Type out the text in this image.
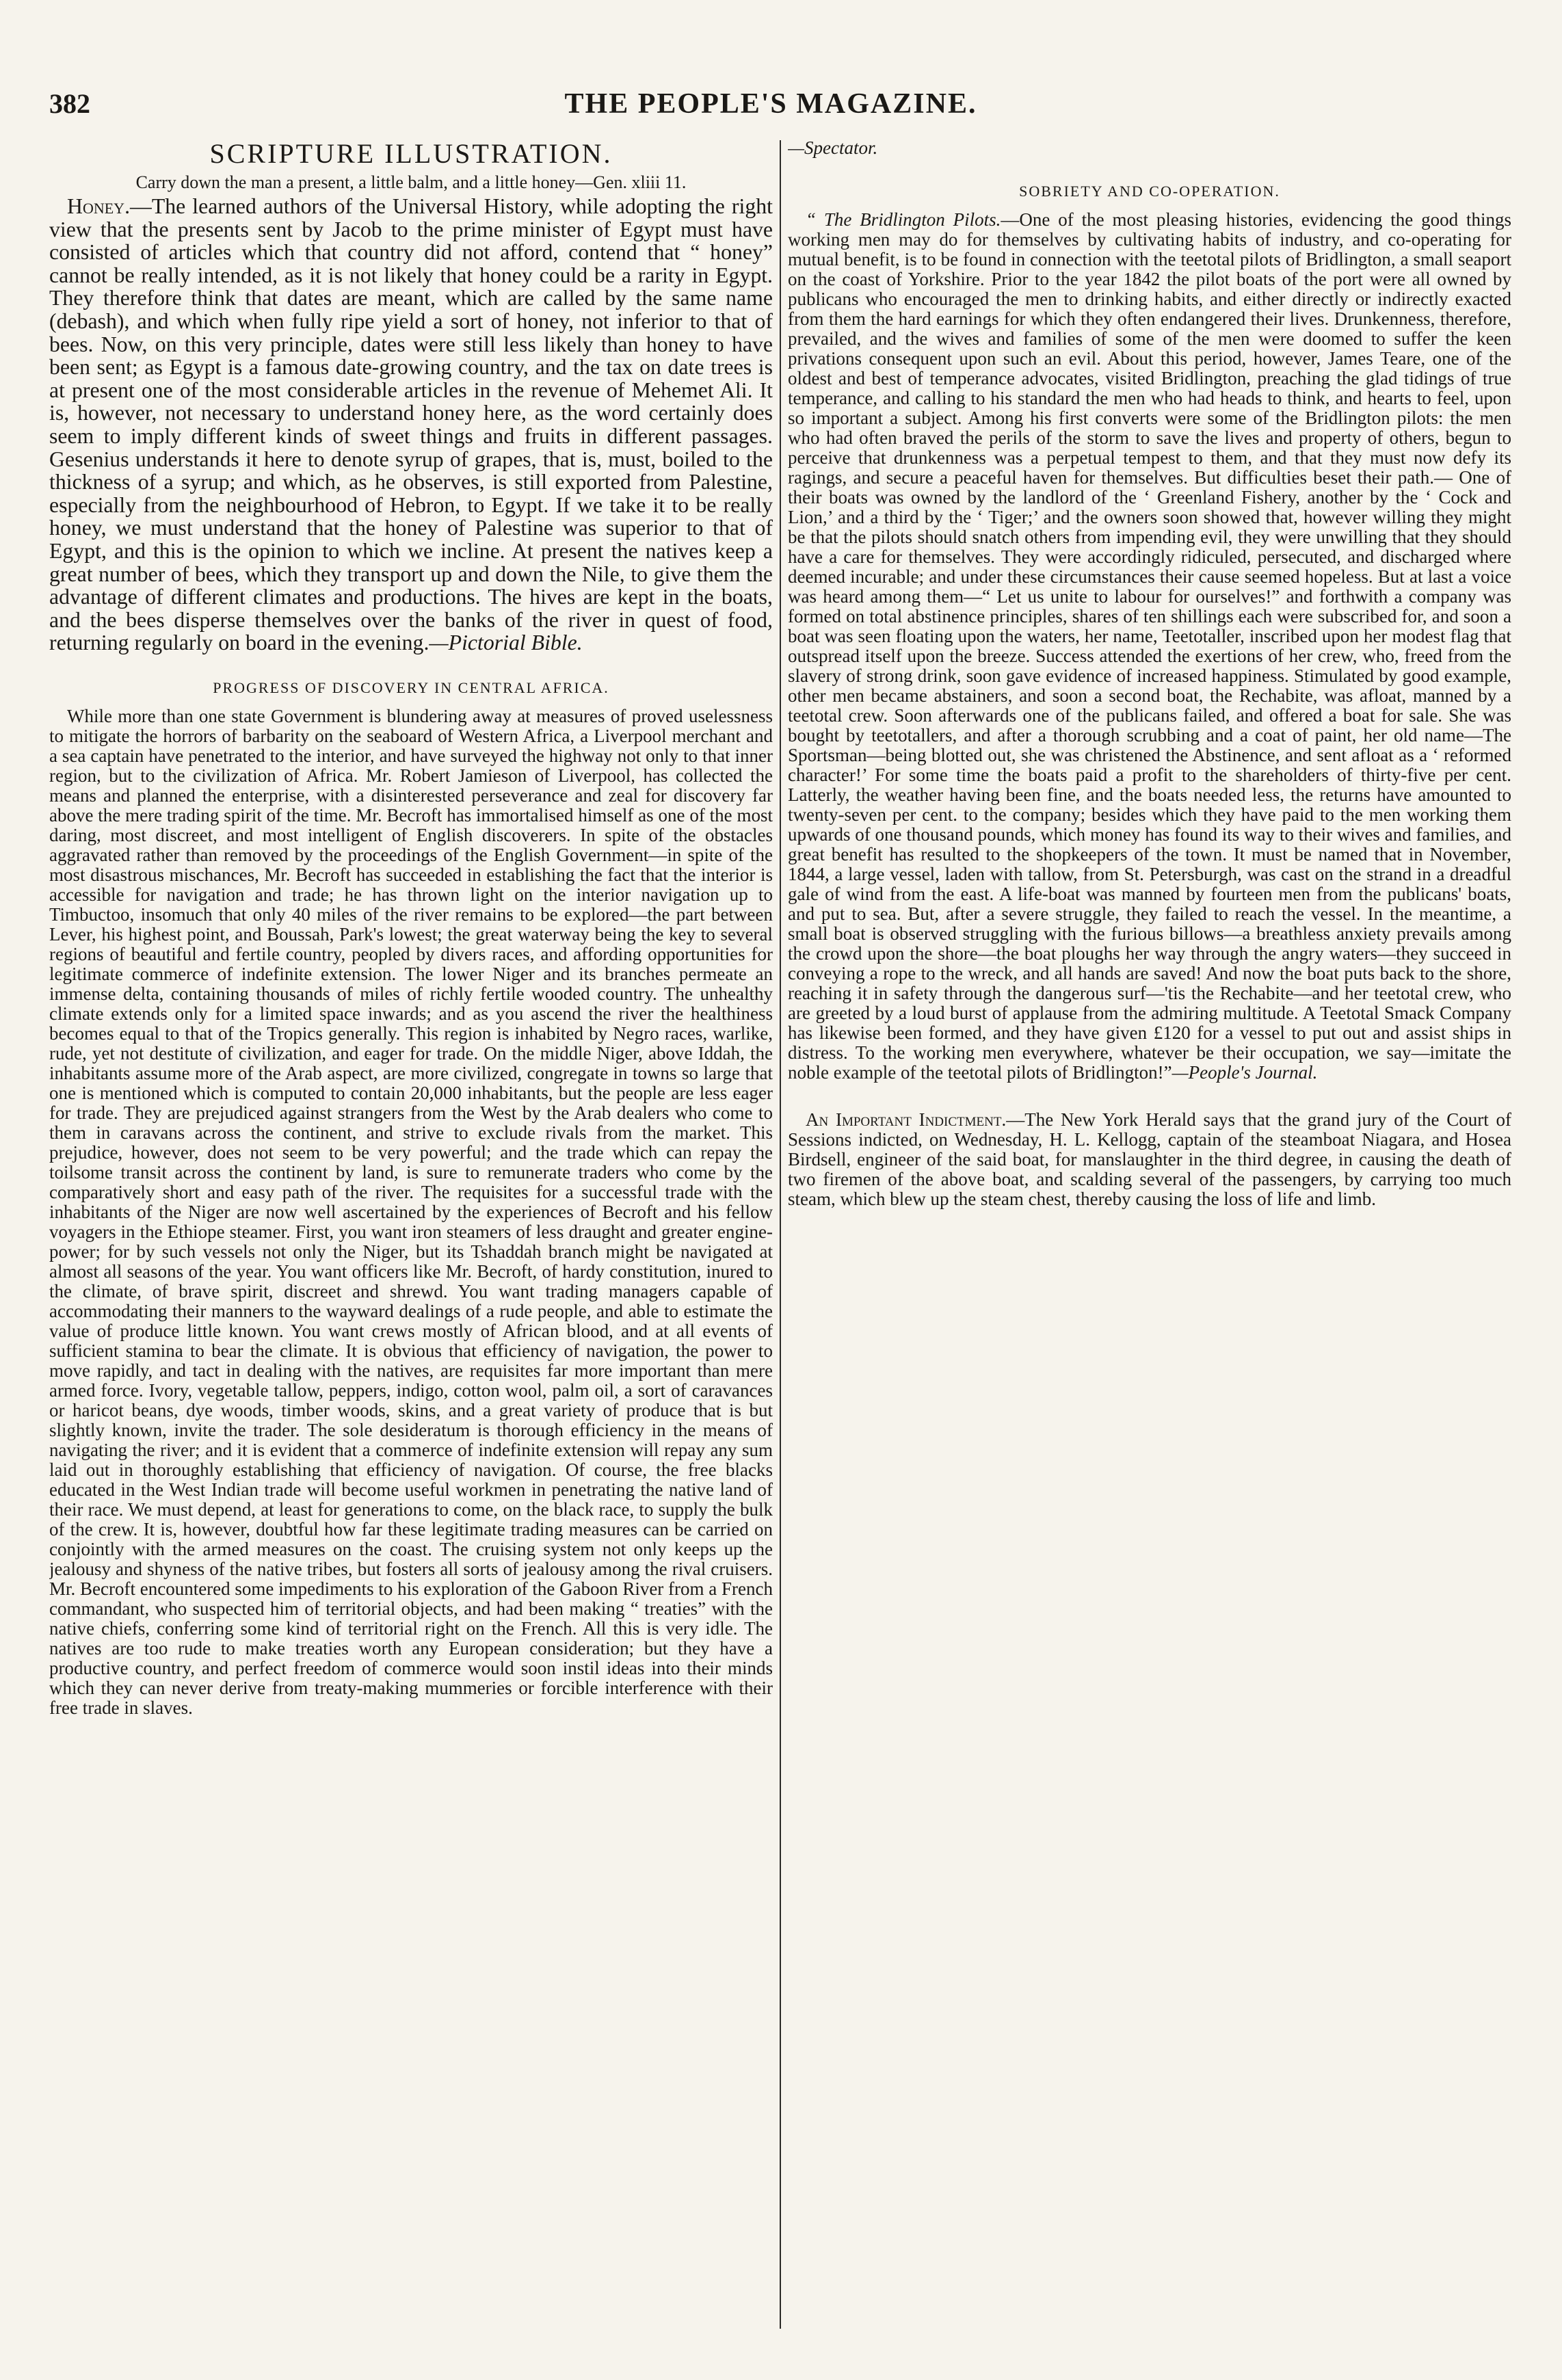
382	THE PEOPLE'S MAGAZINE.
SCRIPTURE ILLUSTRATION.
Carry down the man a present, a little balm, and a little honey—Gen. xliii 11.

Honey.—The learned authors of the Universal History, while adopting the right view that the presents sent by Jacob to the prime minister of Egypt must have consisted of articles which that country did not afford, contend that “ honey” cannot be really intended, as it is not likely that honey could be a rarity in Egypt. They therefore think that dates are meant, which are called by the same name (debash), and which when fully ripe yield a sort of honey, not inferior to that of bees. Now, on this very principle, dates were still less likely than honey to have been sent; as Egypt is a famous date-growing country, and the tax on date trees is at present one of the most considerable articles in the revenue of Mehemet Ali. It is, however, not necessary to understand honey here, as the word certainly does seem to imply different kinds of sweet things and fruits in different passages. Gesenius understands it here to denote syrup of grapes, that is, must, boiled to the thickness of a syrup; and which, as he observes, is still exported from Palestine, especially from the neighbourhood of Hebron, to Egypt. If we take it to be really honey, we must understand that the honey of Palestine was superior to that of Egypt, and this is the opinion to which we incline. At present the natives keep a great number of bees, which they transport up and down the Nile, to give them the advantage of different climates and productions. The hives are kept in the boats, and the bees disperse themselves over the banks of the river in quest of food, returning regularly on board in the evening.—Pictorial Bible.

PROGRESS OF DISCOVERY IN CENTRAL AFRICA.

While more than one state Government is blundering away at measures of proved uselessness to mitigate the horrors of barbarity on the seaboard of Western Africa, a Liverpool merchant and a sea captain have penetrated to the interior, and have surveyed the highway not only to that inner region, but to the civilization of Africa. Mr. Robert Jamieson of Liverpool, has collected the means and planned the enterprise, with a disinterested perseverance and zeal for discovery far above the mere trading spirit of the time. Mr. Becroft has immortalised himself as one of the most daring, most discreet, and most intelligent of English discoverers. In spite of the obstacles aggravated rather than removed by the proceedings of the English Government—in spite of the most disastrous mischances, Mr. Becroft has succeeded in establishing the fact that the interior is accessible for navigation and trade; he has thrown light on the interior navigation up to Timbuctoo, insomuch that only 40 miles of the river remains to be explored—the part between Lever, his highest point, and Boussah, Park's lowest; the great waterway being the key to several regions of beautiful and fertile country, peopled by divers races, and affording opportunities for legitimate commerce of indefinite extension. The lower Niger and its branches permeate an immense delta, containing thousands of miles of richly fertile wooded country. The unhealthy climate extends only for a limited space inwards; and as you ascend the river the healthiness becomes equal to that of the Tropics generally. This region is inhabited by Negro races, warlike, rude, yet not destitute of civilization, and eager for trade. On the middle Niger, above Iddah, the inhabitants assume more of the Arab aspect, are more civilized, congregate in towns so large that one is mentioned which is computed to contain 20,000 inhabitants, but the people are less eager for trade. They are prejudiced against strangers from the West by the Arab dealers who come to them in caravans across the continent, and strive to exclude rivals from the market. This prejudice, however, does not seem to be very powerful; and the trade which can repay the toilsome transit across the continent by land, is sure to remunerate traders who come by the comparatively short and easy path of the river. The requisites for a successful trade with the inhabitants of the Niger are now well ascertained by the experiences of Becroft and his fellow voyagers in the Ethiope steamer. First, you want iron steamers of less draught and greater engine-power; for by such vessels not only the Niger, but its Tshaddah branch might be navigated at almost all seasons of the year. You want officers like Mr. Becroft, of hardy constitution, inured to the climate, of brave spirit, discreet and shrewd. You want trading managers capable of accommodating their manners to the wayward dealings of a rude people, and able to estimate the value of produce little known. You want crews mostly of African blood, and at all events of sufficient stamina to bear the climate. It is obvious that efficiency of navigation, the power to move rapidly, and tact in dealing with the natives, are requisites far more important than mere armed force. Ivory, vegetable tallow, peppers, indigo, cotton wool, palm oil, a sort of caravances or haricot beans, dye woods, timber woods, skins, and a great variety of produce that is but slightly known, invite the trader. The sole desideratum is thorough efficiency in the means of navigating the river; and it is evident that a commerce of indefinite extension will repay any sum laid out in thoroughly establishing that efficiency of navigation. Of course, the free blacks educated in the West Indian trade will become useful workmen in penetrating the native land of their race. We must depend, at least for generations to come, on the black race, to supply the bulk of the crew. It is, however, doubtful how far these legitimate trading measures can be carried on conjointly with the armed measures on the coast. The cruising system not only keeps up the jealousy and shyness of the native tribes, but fosters all sorts of jealousy among the rival cruisers. Mr. Becroft encountered some impediments to his exploration of the Gaboon River from a French commandant, who suspected him of territorial objects, and had been making “ treaties” with the native chiefs, conferring some kind of territorial right on the French. All this is very idle. The natives are too rude to make treaties worth any European consideration; but they have a productive country, and perfect freedom of commerce would soon instil ideas into their minds which they can never derive from treaty-making mummeries or forcible interference with their free trade in slaves.

—Spectator.

SOBRIETY AND CO-OPERATION.

“ The Bridlington Pilots.—One of the most pleasing histories, evidencing the good things working men may do for themselves by cultivating habits of industry, and co-operating for mutual benefit, is to be found in connection with the teetotal pilots of Bridlington, a small seaport on the coast of Yorkshire. Prior to the year 1842 the pilot boats of the port were all owned by publicans who encouraged the men to drinking habits, and either directly or indirectly exacted from them the hard earnings for which they often endangered their lives. Drunkenness, therefore, prevailed, and the wives and families of some of the men were doomed to suffer the keen privations consequent upon such an evil. About this period, however, James Teare, one of the oldest and best of temperance advocates, visited Bridlington, preaching the glad tidings of true temperance, and calling to his standard the men who had heads to think, and hearts to feel, upon so important a subject. Among his first converts were some of the Bridlington pilots: the men who had often braved the perils of the storm to save the lives and property of others, begun to perceive that drunkenness was a perpetual tempest to them, and that they must now defy its ragings, and secure a peaceful haven for themselves. But difficulties beset their path.— One of their boats was owned by the landlord of the ‘ Greenland Fishery, another by the ‘ Cock and Lion,’ and a third by the ‘ Tiger;’ and the owners soon showed that, however willing they might be that the pilots should snatch others from impending evil, they were unwilling that they should have a care for themselves. They were accordingly ridiculed, persecuted, and discharged where deemed incurable; and under these circumstances their cause seemed hopeless. But at last a voice was heard among them—“ Let us unite to labour for ourselves!” and forthwith a company was formed on total abstinence principles, shares of ten shillings each were subscribed for, and soon a boat was seen floating upon the waters, her name, Teetotaller, inscribed upon her modest flag that outspread itself upon the breeze. Success attended the exertions of her crew, who, freed from the slavery of strong drink, soon gave evidence of increased happiness. Stimulated by good example, other men became abstainers, and soon a second boat, the Rechabite, was afloat, manned by a teetotal crew. Soon afterwards one of the publicans failed, and offered a boat for sale. She was bought by teetotallers, and after a thorough scrubbing and a coat of paint, her old name—The Sportsman—being blotted out, she was christened the Abstinence, and sent afloat as a ‘ reformed character!’ For some time the boats paid a profit to the shareholders of thirty-five per cent. Latterly, the weather having been fine, and the boats needed less, the returns have amounted to twenty-seven per cent. to the company; besides which they have paid to the men working them upwards of one thousand pounds, which money has found its way to their wives and families, and great benefit has resulted to the shopkeepers of the town. It must be named that in November, 1844, a large vessel, laden with tallow, from St. Petersburgh, was cast on the strand in a dreadful gale of wind from the east. A life-boat was manned by fourteen men from the publicans' boats, and put to sea. But, after a severe struggle, they failed to reach the vessel. In the meantime, a small boat is observed struggling with the furious billows—a breathless anxiety prevails among the crowd upon the shore—the boat ploughs her way through the angry waters—they succeed in conveying a rope to the wreck, and all hands are saved! And now the boat puts back to the shore, reaching it in safety through the dangerous surf—'tis the Rechabite—and her teetotal crew, who are greeted by a loud burst of applause from the admiring multitude. A Teetotal Smack Company has likewise been formed, and they have given £120 for a vessel to put out and assist ships in distress. To the working men everywhere, whatever be their occupation, we say—imitate the noble example of the teetotal pilots of Bridlington!”—People's Journal.

An Important Indictment.—The New York Herald says that the grand jury of the Court of Sessions indicted, on Wednesday, H. L. Kellogg, captain of the steamboat Niagara, and Hosea Birdsell, engineer of the said boat, for manslaughter in the third degree, in causing the death of two firemen of the above boat, and scalding several of the passengers, by carrying too much steam, which blew up the steam chest, thereby causing the loss of life and limb.
